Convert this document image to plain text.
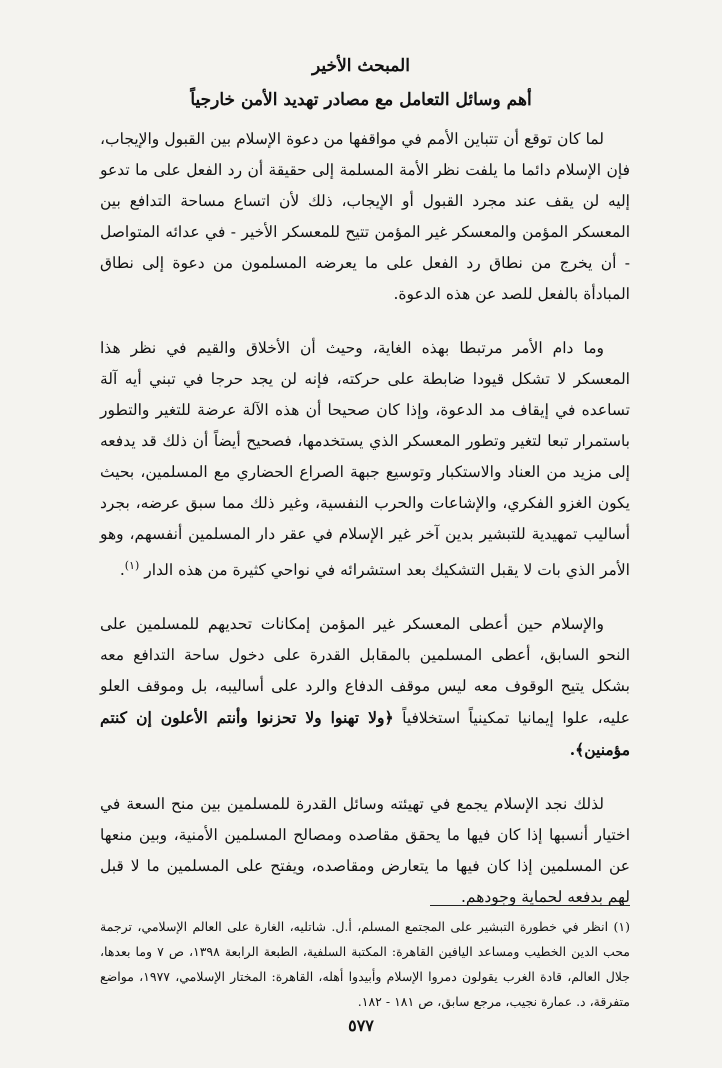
المبحث الأخير
أهم وسائل التعامل مع مصادر تهديد الأمن خارجياً

لما كان توقع أن تتباين الأمم في مواقفها من دعوة الإسلام بين القبول والإيجاب، فإن الإسلام دائما ما يلفت نظر الأمة المسلمة إلى حقيقة أن رد الفعل على ما تدعو إليه لن يقف عند مجرد القبول أو الإيجاب، ذلك لأن اتساع مساحة التدافع بين المعسكر المؤمن والمعسكر غير المؤمن تتيح للمعسكر الأخير - في عدائه المتواصل - أن يخرج من نطاق رد الفعل على ما يعرضه المسلمون من دعوة إلى نطاق المبادأة بالفعل للصد عن هذه الدعوة.

وما دام الأمر مرتبطا بهذه الغاية، وحيث أن الأخلاق والقيم في نظر هذا المعسكر لا تشكل قيودا ضابطة على حركته، فإنه لن يجد حرجا في تبني أيه آلة تساعده في إيقاف مد الدعوة، وإذا كان صحيحا أن هذه الآلة عرضة للتغير والتطور باستمرار تبعا لتغير وتطور المعسكر الذي يستخدمها، فصحيح أيضاً أن ذلك قد يدفعه إلى مزيد من العناد والاستكبار وتوسيع جبهة الصراع الحضاري مع المسلمين، بحيث يكون الغزو الفكري، والإشاعات والحرب النفسية، وغير ذلك مما سبق عرضه، بجرد أساليب تمهيدية للتبشير بدين آخر غير الإسلام في عقر دار المسلمين أنفسهم، وهو الأمر الذي بات لا يقبل التشكيك بعد استشرائه في نواحي كثيرة من هذه الدار $^{(١)}$.

والإسلام حين أعطى المعسكر غير المؤمن إمكانات تحديهم للمسلمين على النحو السابق، أعطى المسلمين بالمقابل القدرة على دخول ساحة التدافع معه بشكل يتيح الوقوف معه ليس موقف الدفاع والرد على أساليبه، بل وموقف العلو عليه، علوا إيمانيا تمكينياً استخلافياً ﴿ولا تهنوا ولا تحزنوا وأنتم الأعلون إن كنتم مؤمنين﴾.

لذلك نجد الإسلام يجمع في تهيئته وسائل القدرة للمسلمين بين منح السعة في اختيار أنسبها إذا كان فيها ما يحقق مقاصده ومصالح المسلمين الأمنية، وبين منعها عن المسلمين إذا كان فيها ما يتعارض ومقاصده، ويفتح على المسلمين ما لا قبل لهم بدفعه لحماية وجودهم.

(١) انظر في خطورة التبشير على المجتمع المسلم، أ.ل. شاتليه، الغارة على العالم الإسلامي، ترجمة محب الدين الخطيب ومساعد اليافين القاهرة: المكتبة السلفية، الطبعة الرابعة ١٣٩٨، ص ٧ وما بعدها، جلال العالم، قادة الغرب يقولون دمروا الإسلام وأبيدوا أهله، القاهرة: المختار الإسلامي، ١٩٧٧، مواضع متفرقة، د. عمارة نجيب، مرجع سابق، ص ١٨١ - ١٨٢.
٥٧٧
